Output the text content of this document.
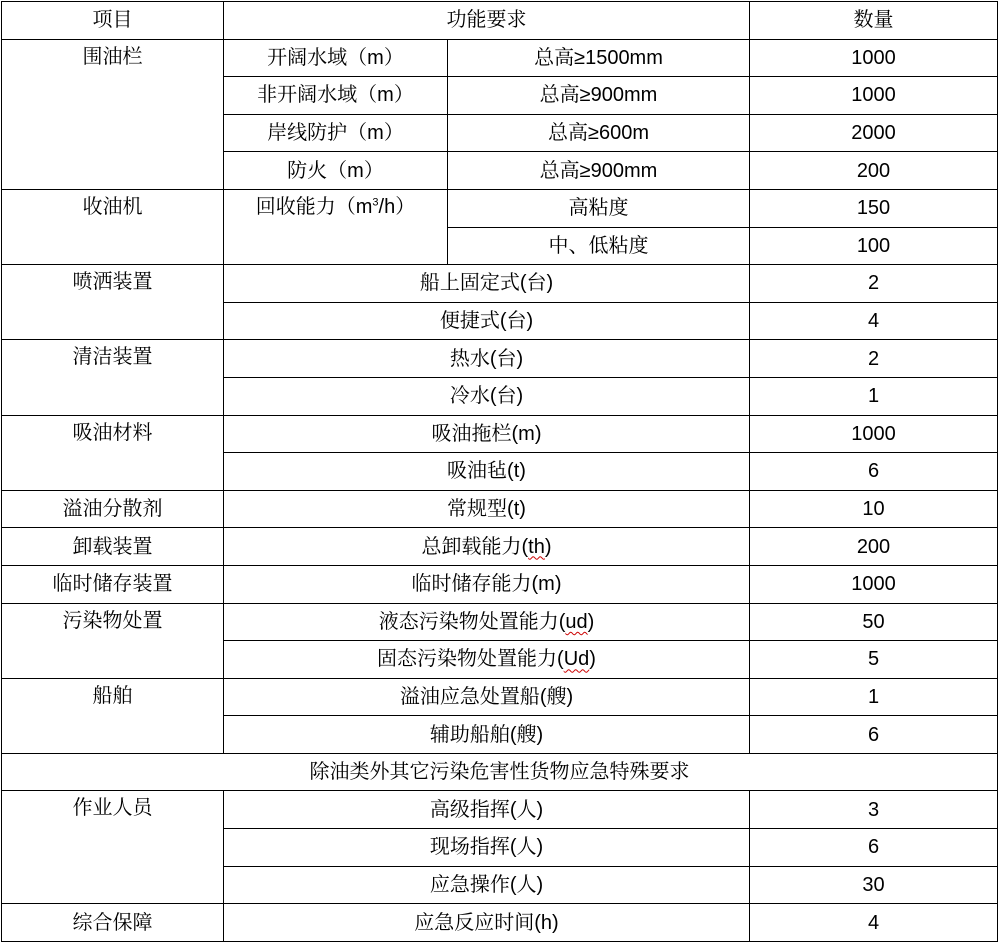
项目	功能要求		数量
围油栏	开阔水域（m）	总高≥1500mm	1000
	非开阔水域（m）	总高≥900mm	1000
	岸线防护（m）	总高≥600m	2000
	防火（m）	总高≥900mm	200
收油机	回收能力$(m^3/h)$	高粘度	150
		中、低粘度	100
喷洒装置	船上固定式(台)		2
	便捷式(台)		4
清洁装置	热水(台)		2
	冷水(台)		1
吸油材料	吸油拖栏(m)		1000
	吸油毡(t)		6
溢油分散剂	常规型(t)		10
卸载装置	总卸载能力(th)		200
临时储存装置	临时储存能力(m)		1000
污染物处置	液态污染物处置能力(ud)		50
	固态污染物处置能力(Ud)		5
船舶	溢油应急处置船(艘)		1
	辅助船舶(艘)		6
除油类外其它污染危害性货物应急特殊要求			
作业人员	高级指挥(人)		3
	现场指挥(人)		6
	应急操作(人)		30
综合保障	应急反应时间(h)		4
